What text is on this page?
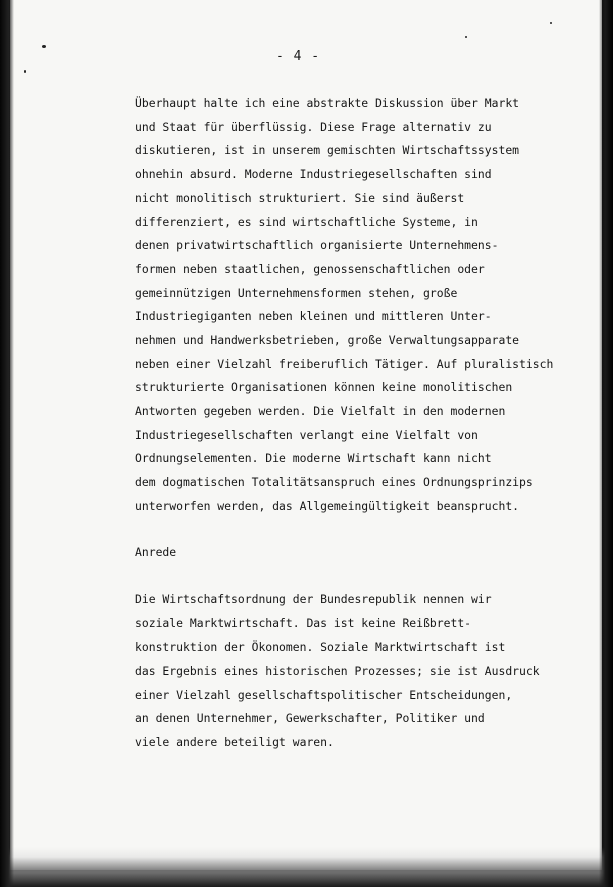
- 4 -
Überhaupt halte ich eine abstrakte Diskussion über Markt
und Staat für überflüssig. Diese Frage alternativ zu
diskutieren, ist in unserem gemischten Wirtschaftssystem
ohnehin absurd. Moderne Industriegesellschaften sind
nicht monolitisch strukturiert. Sie sind äußerst
differenziert, es sind wirtschaftliche Systeme, in
denen privatwirtschaftlich organisierte Unternehmens-
formen neben staatlichen, genossenschaftlichen oder
gemeinnützigen Unternehmensformen stehen, große
Industriegiganten neben kleinen und mittleren Unter-
nehmen und Handwerksbetrieben, große Verwaltungsapparate
neben einer Vielzahl freiberuflich Tätiger. Auf pluralistisch
strukturierte Organisationen können keine monolitischen
Antworten gegeben werden. Die Vielfalt in den modernen
Industriegesellschaften verlangt eine Vielfalt von
Ordnungselementen. Die moderne Wirtschaft kann nicht
dem dogmatischen Totalitätsanspruch eines Ordnungsprinzips
unterworfen werden, das Allgemeingültigkeit beansprucht.
Anrede
Die Wirtschaftsordnung der Bundesrepublik nennen wir
soziale Marktwirtschaft. Das ist keine Reißbrett-
konstruktion der Ökonomen. Soziale Marktwirtschaft ist
das Ergebnis eines historischen Prozesses; sie ist Ausdruck
einer Vielzahl gesellschaftspolitischer Entscheidungen,
an denen Unternehmer, Gewerkschafter, Politiker und
viele andere beteiligt waren.
